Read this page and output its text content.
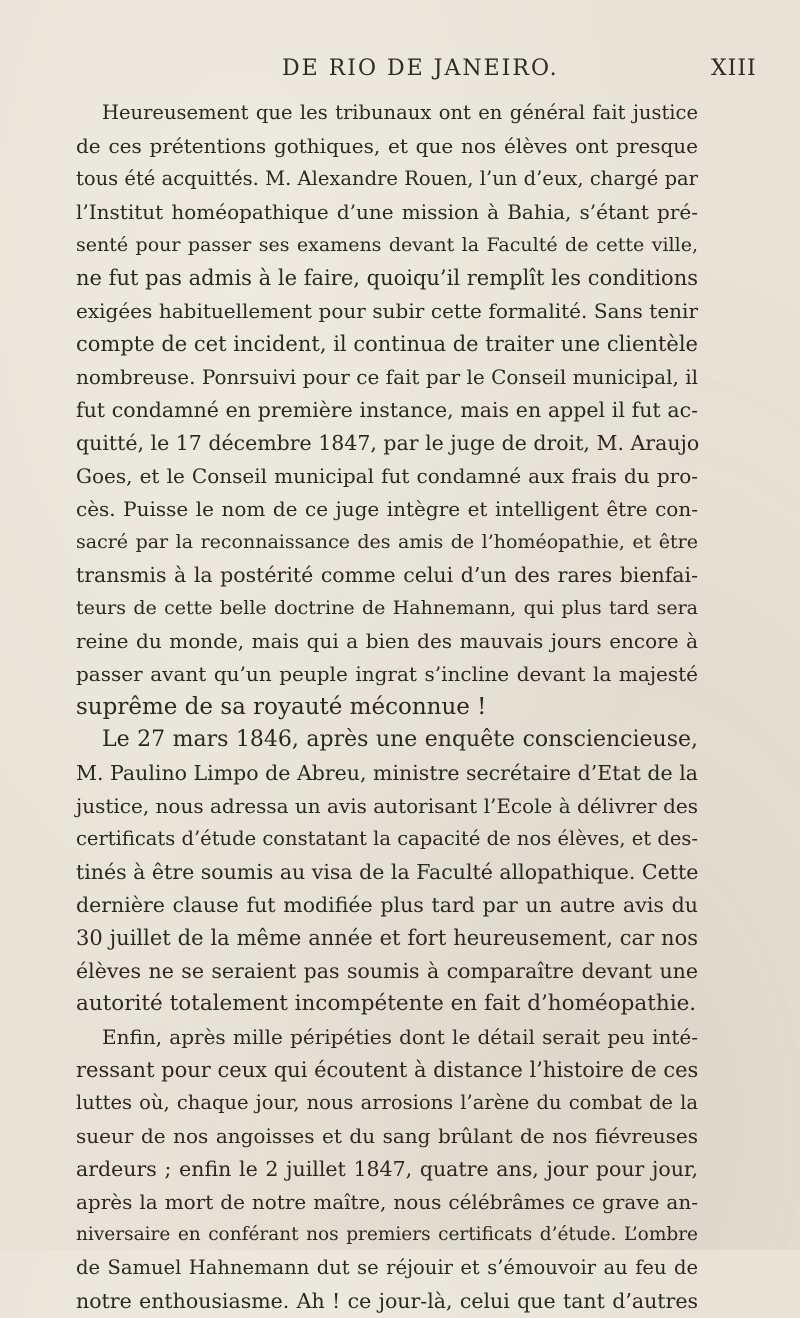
DE RIO DE JANEIRO.	XIII
Heureusement que les tribunaux ont en général fait justice
de ces prétentions gothiques, et que nos élèves ont presque
tous été acquittés. M. Alexandre Rouen, l’un d’eux, chargé par
l’Institut homéopathique d’une mission à Bahia, s’étant pré-
senté pour passer ses examens devant la Faculté de cette ville,
ne fut pas admis à le faire, quoiqu’il remplît les conditions
exigées habituellement pour subir cette formalité. Sans tenir
compte de cet incident, il continua de traiter une clientèle
nombreuse. Ponrsuivi pour ce fait par le Conseil municipal, il
fut condamné en première instance, mais en appel il fut ac-
quitté, le 17 décembre 1847, par le juge de droit, M. Araujo
Goes, et le Conseil municipal fut condamné aux frais du pro-
cès. Puisse le nom de ce juge intègre et intelligent être con-
sacré par la reconnaissance des amis de l’homéopathie, et être
transmis à la postérité comme celui d’un des rares bienfai-
teurs de cette belle doctrine de Hahnemann, qui plus tard sera
reine du monde, mais qui a bien des mauvais jours encore à
passer avant qu’un peuple ingrat s’incline devant la majesté
suprême de sa royauté méconnue !
Le 27 mars 1846, après une enquête consciencieuse,
M. Paulino Limpo de Abreu, ministre secrétaire d’Etat de la
justice, nous adressa un avis autorisant l’Ecole à délivrer des
certificats d’étude constatant la capacité de nos élèves, et des-
tinés à être soumis au visa de la Faculté allopathique. Cette
dernière clause fut modifiée plus tard par un autre avis du
30 juillet de la même année et fort heureusement, car nos
élèves ne se seraient pas soumis à comparaître devant une
autorité totalement incompétente en fait d’homéopathie.
Enfin, après mille péripéties dont le détail serait peu inté-
ressant pour ceux qui écoutent à distance l’histoire de ces
luttes où, chaque jour, nous arrosions l’arène du combat de la
sueur de nos angoisses et du sang brûlant de nos fiévreuses
ardeurs ; enfin le 2 juillet 1847, quatre ans, jour pour jour,
après la mort de notre maître, nous célébrâmes ce grave an-
niversaire en conférant nos premiers certificats d’étude. L’ombre
de Samuel Hahnemann dut se réjouir et s’émouvoir au feu de
notre enthousiasme. Ah ! ce jour-là, celui que tant d’autres
